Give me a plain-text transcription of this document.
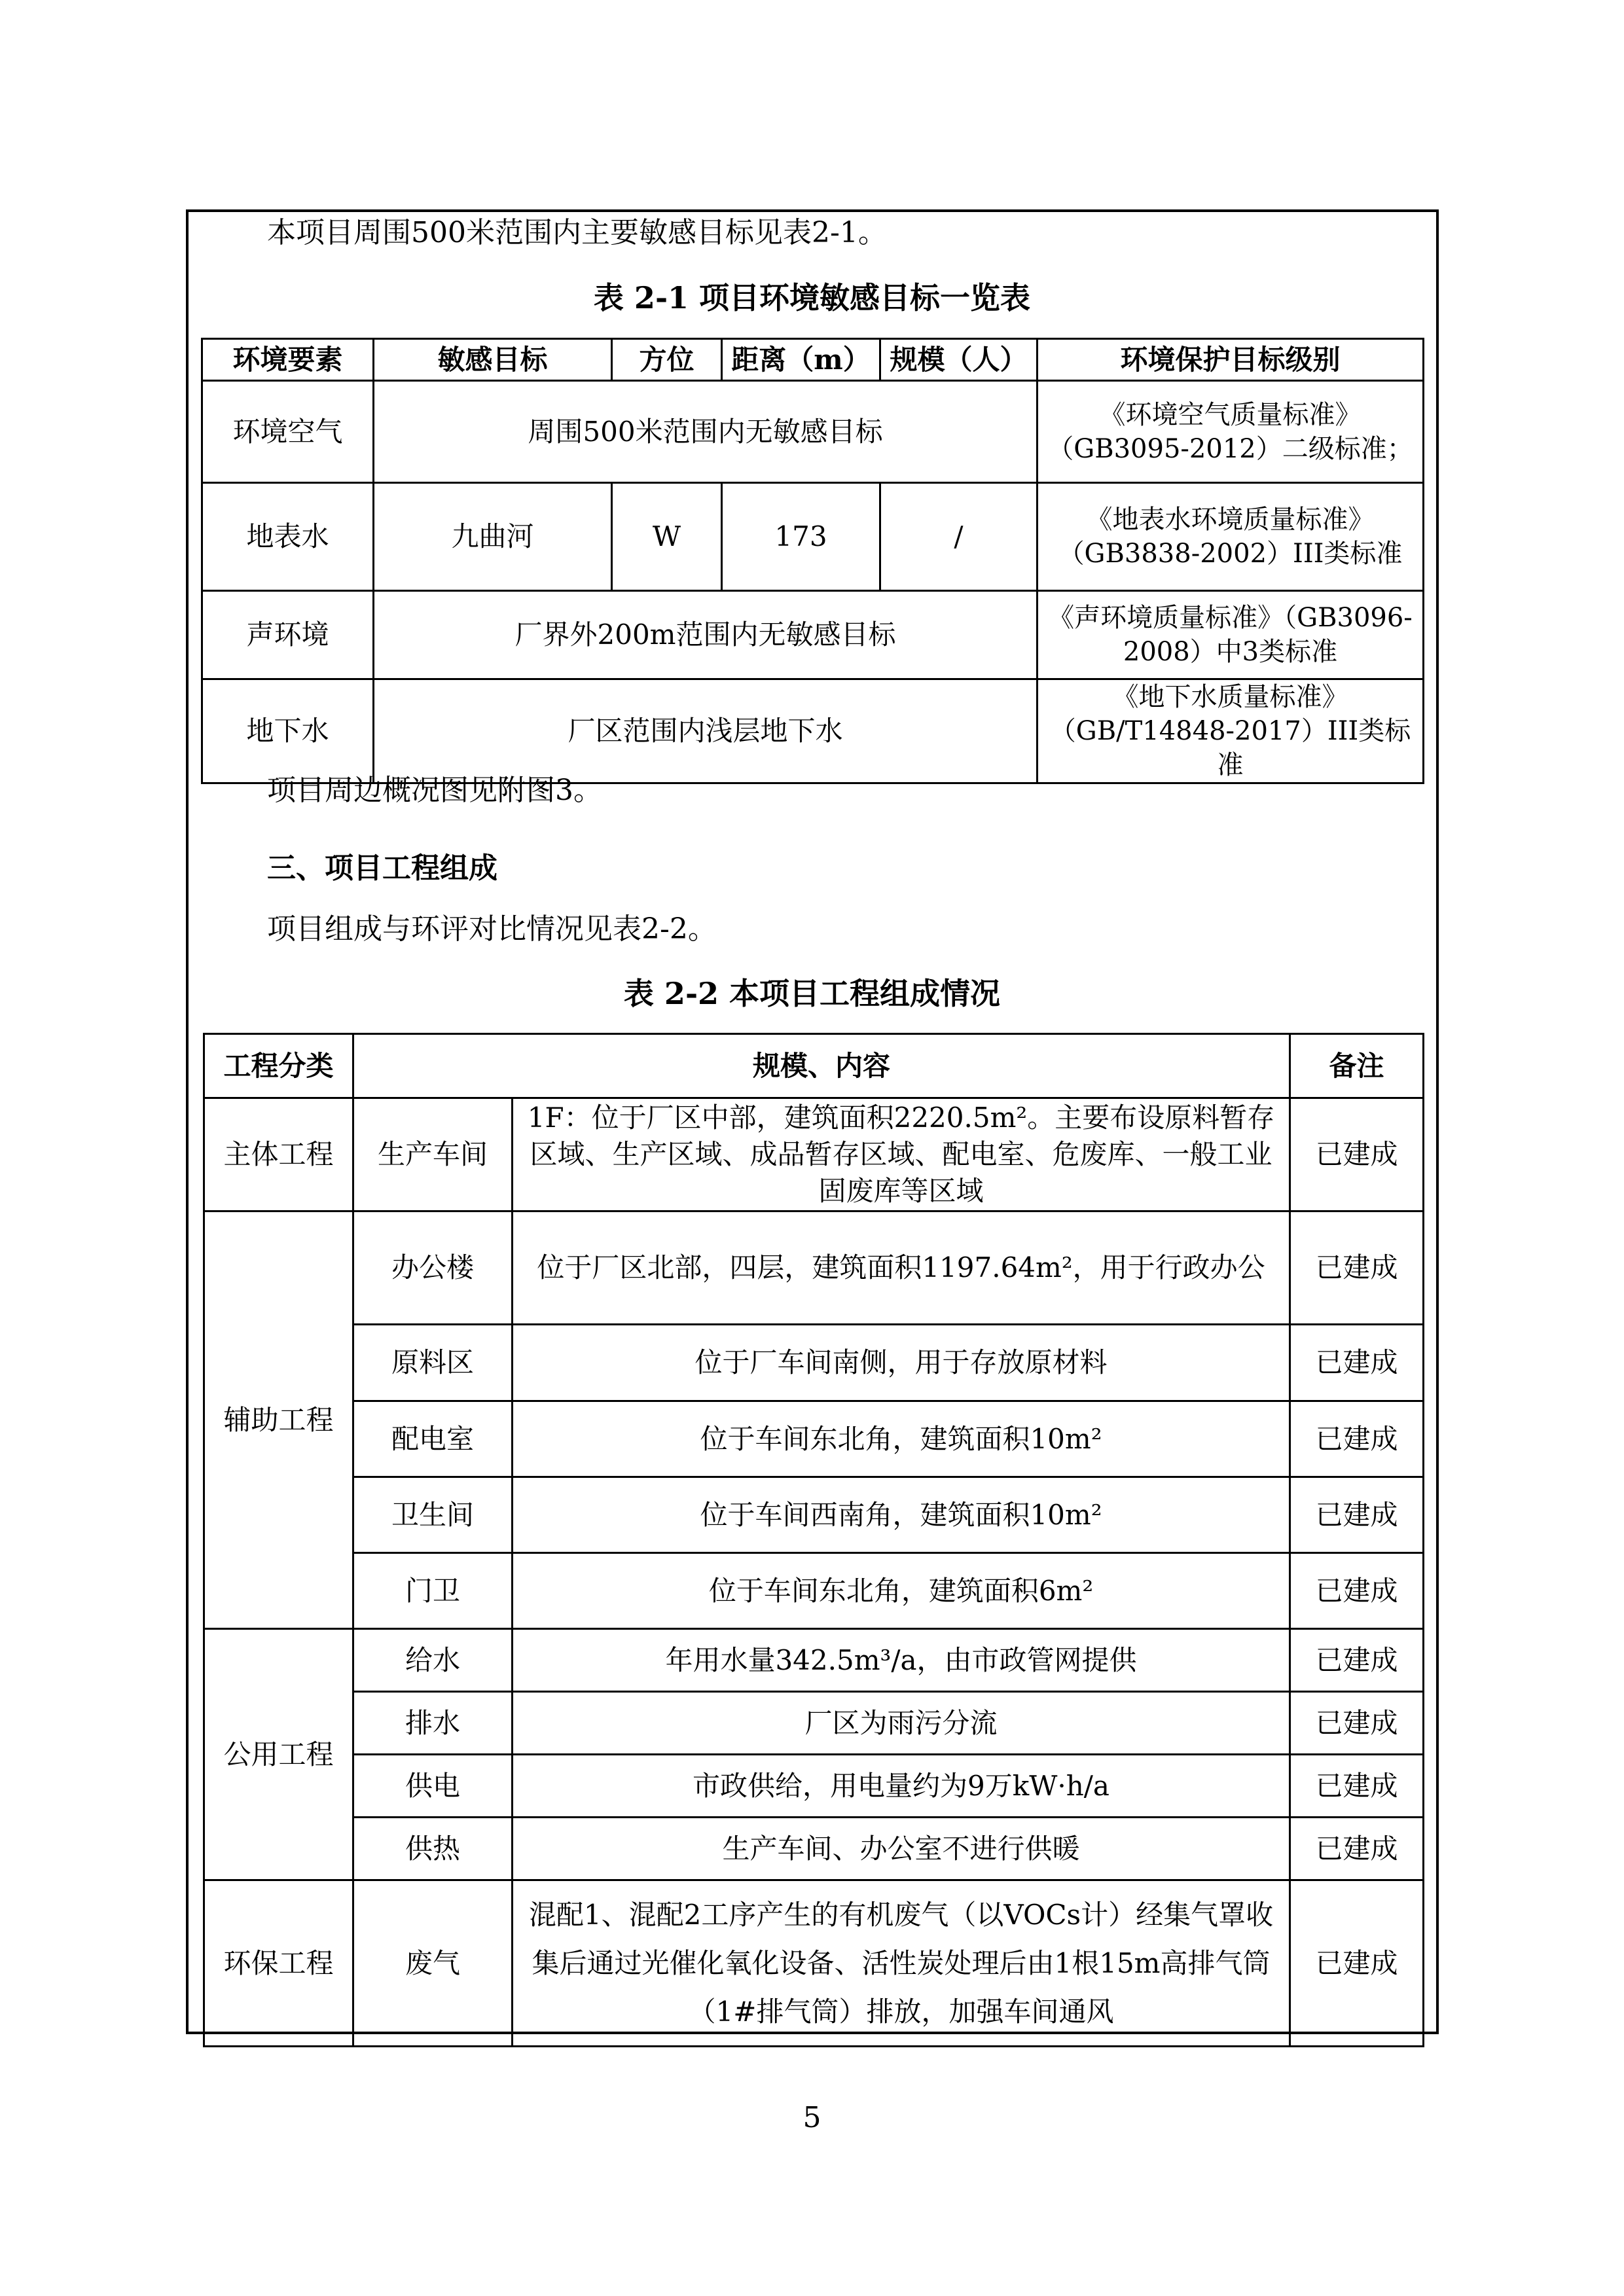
本项目周围500米范围内主要敏感目标见表2-1。
表 2-1 项目环境敏感目标一览表
环境要素	敏感目标	方位	距离（m）	规模（人）	环境保护目标级别
环境空气	周围500米范围内无敏感目标				《环境空气质量标准》（GB3095-2012）二级标准；
地表水	九曲河	W	173	/	《地表水环境质量标准》（GB3838-2002）III类标准
声环境	厂界外200m范围内无敏感目标				《声环境质量标准》（GB3096-2008）中3类标准
地下水	厂区范围内浅层地下水				《地下水质量标准》（GB/T14848-2017）III类标准
项目周边概况图见附图3。
三、项目工程组成
项目组成与环评对比情况见表2-2。
表 2-2 本项目工程组成情况
工程分类	规模、内容		备注
主体工程	生产车间	1F：位于厂区中部，建筑面积2220.5m²。主要布设原料暂存区域、生产区域、成品暂存区域、配电室、危废库、一般工业固废库等区域	已建成
辅助工程	办公楼	位于厂区北部，四层，建筑面积1197.64m²，用于行政办公	已建成
	原料区	位于厂车间南侧，用于存放原材料	已建成
	配电室	位于车间东北角，建筑面积10m²	已建成
	卫生间	位于车间西南角，建筑面积10m²	已建成
	门卫	位于车间东北角，建筑面积6m²	已建成
公用工程	给水	年用水量342.5m³/a，由市政管网提供	已建成
	排水	厂区为雨污分流	已建成
	供电	市政供给，用电量约为9万kW·h/a	已建成
	供热	生产车间、办公室不进行供暖	已建成
环保工程	废气	混配1、混配2工序产生的有机废气（以VOCs计）经集气罩收集后通过光催化氧化设备、活性炭处理后由1根15m高排气筒（1#排气筒）排放，加强车间通风	已建成
5
